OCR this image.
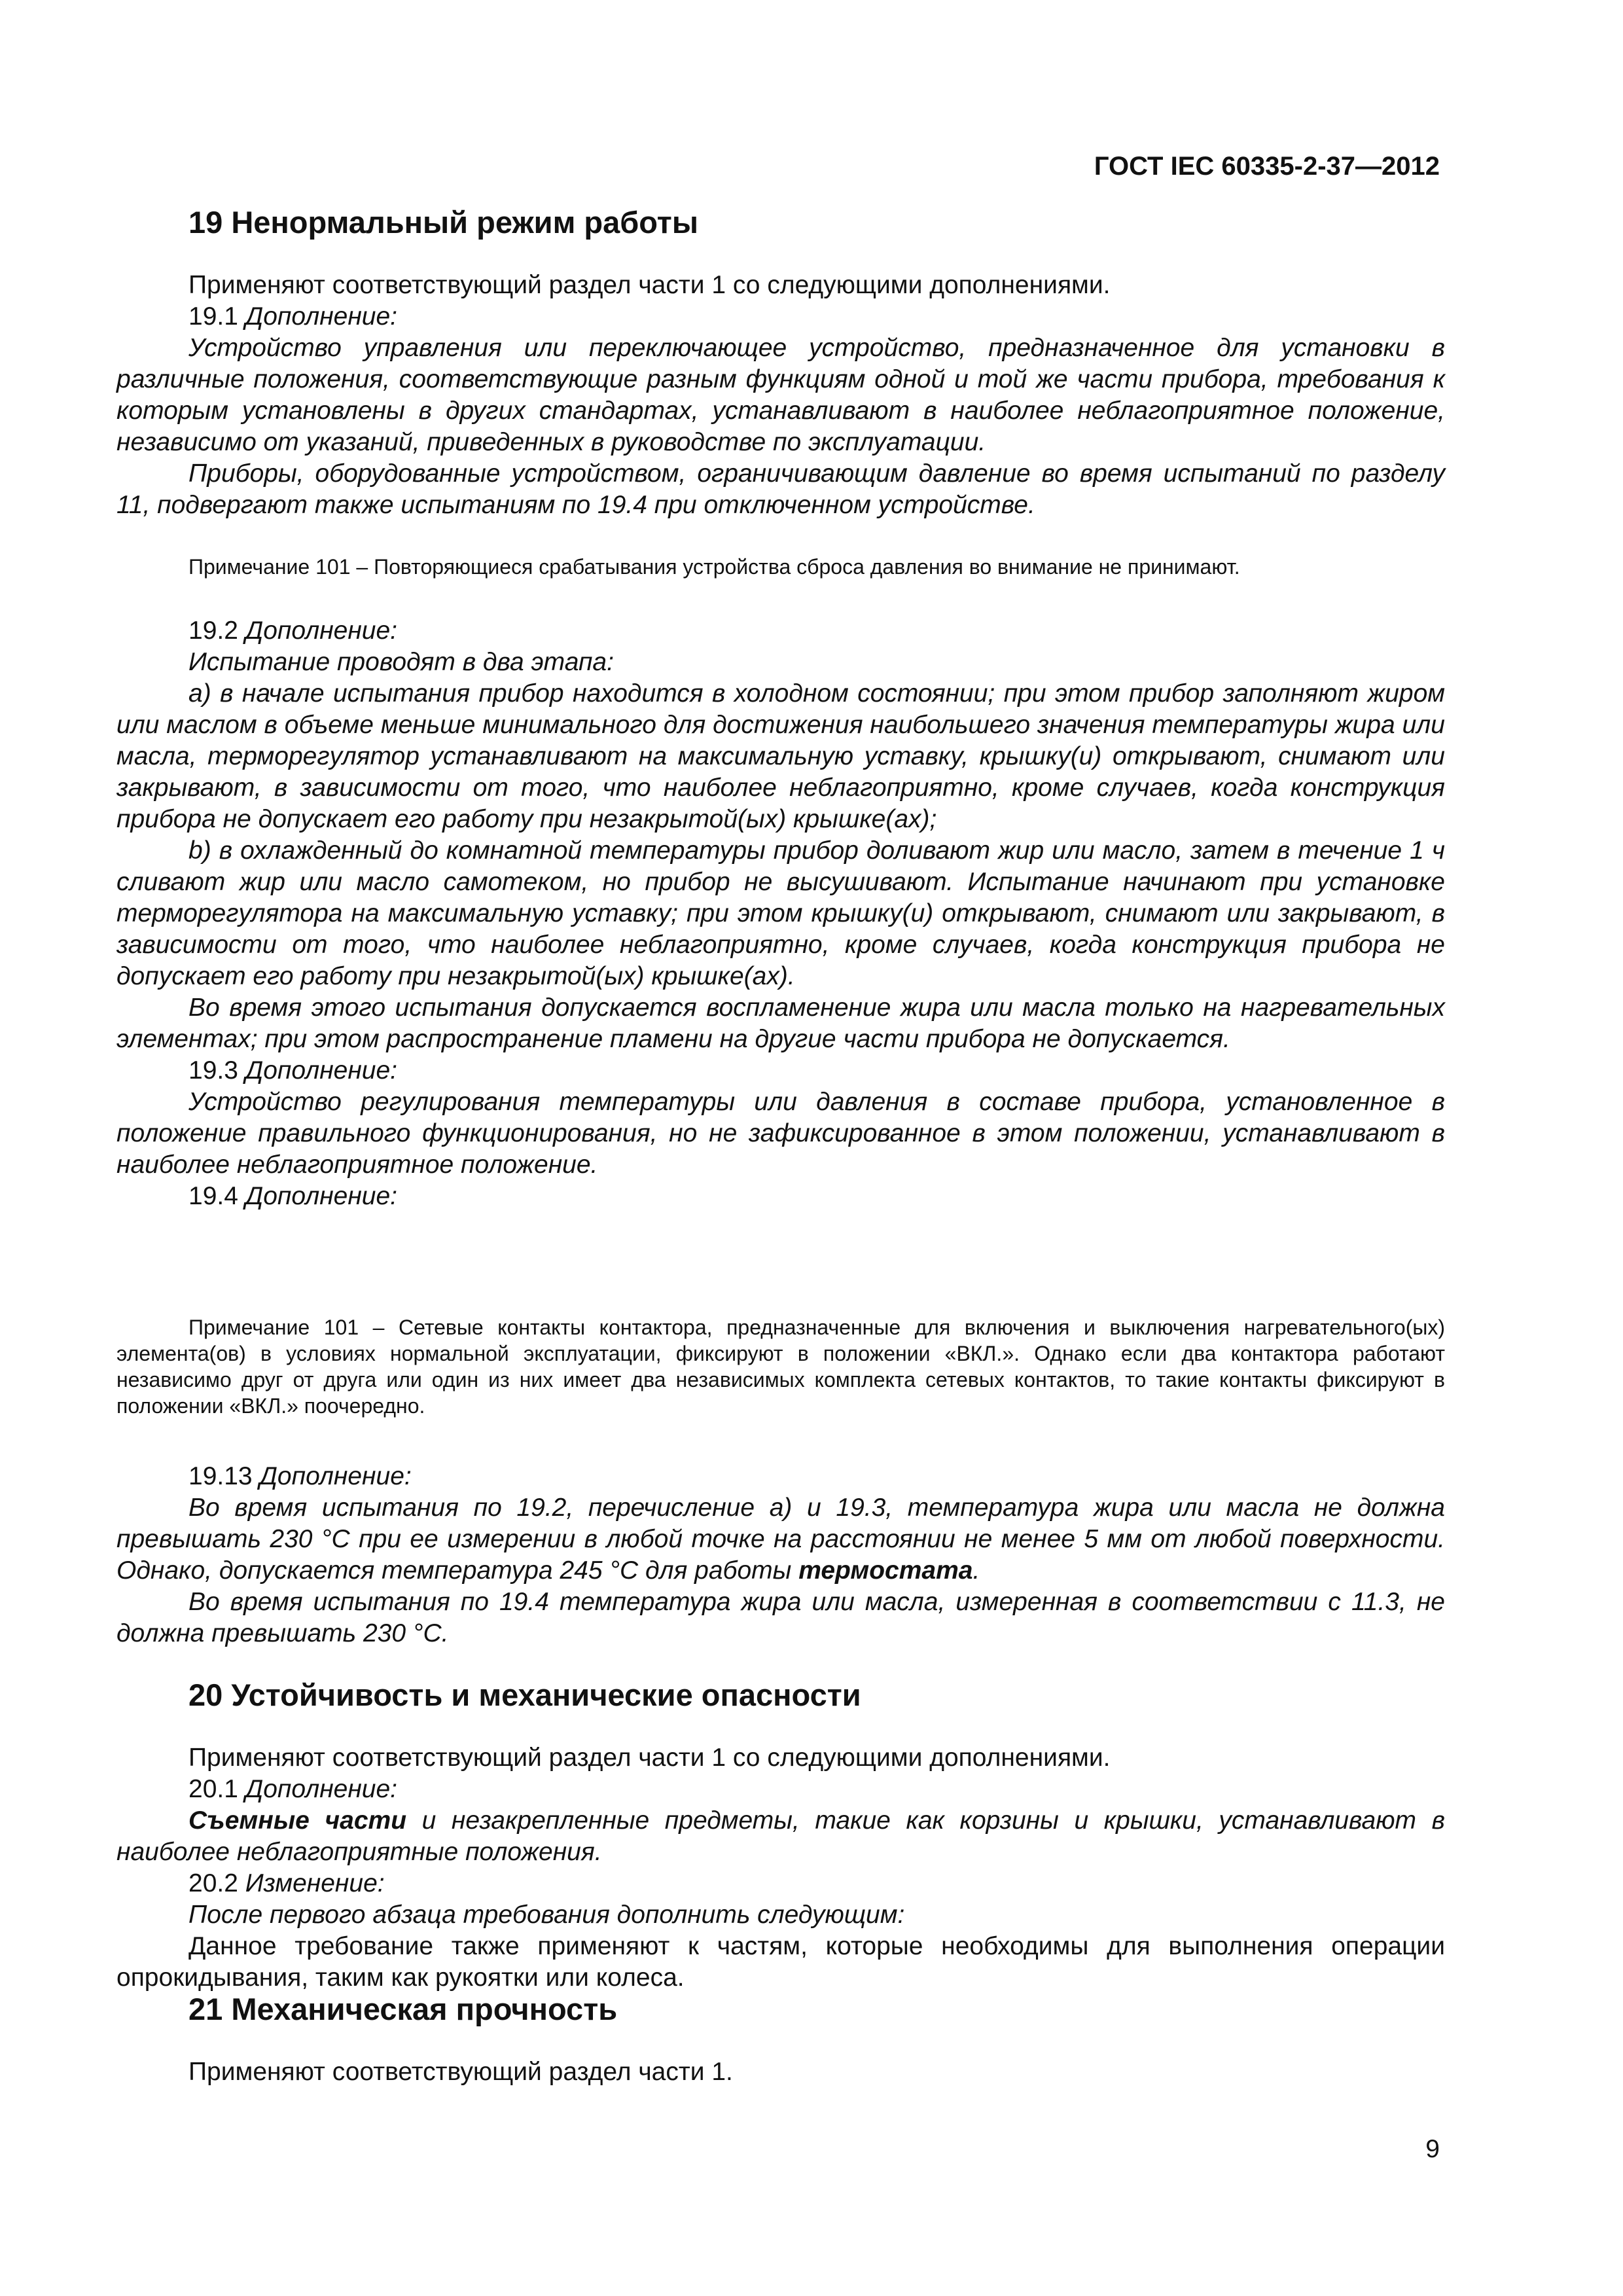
ГОСТ IEC 60335-2-37—2012
19 Ненормальный режим работы

Применяют соответствующий раздел части 1 со следующими дополнениями.

19.1 Дополнение:

Устройство управления или переключающее устройство, предназначенное для установки в различные положения, соответствующие разным функциям одной и той же части прибора, требования к которым установлены в других стандартах, устанавливают в наиболее неблагоприятное положение, независимо от указаний, приведенных в руководстве по эксплуатации.

Приборы, оборудованные устройством, ограничивающим давление во время испытаний по разделу 11, подвергают также испытаниям по 19.4 при отключенном устройстве.

Примечание 101 – Повторяющиеся срабатывания устройства сброса давления во внимание не принимают.

19.2 Дополнение:

Испытание проводят в два этапа:

а) в начале испытания прибор находится в холодном состоянии; при этом прибор заполняют жиром или маслом в объеме меньше минимального для достижения наибольшего значения температуры жира или масла, терморегулятор устанавливают на максимальную уставку, крышку(и) открывают, снимают или закрывают, в зависимости от того, что наиболее неблагоприятно, кроме случаев, когда конструкция прибора не допускает его работу при незакрытой(ых) крышке(ах);

b) в охлажденный до комнатной температуры прибор доливают жир или масло, затем в течение 1 ч сливают жир или масло самотеком, но прибор не высушивают. Испытание начинают при установке терморегулятора на максимальную уставку; при этом крышку(и) открывают, снимают или закрывают, в зависимости от того, что наиболее неблагоприятно, кроме случаев, когда конструкция прибора не допускает его работу при незакрытой(ых) крышке(ах).

Во время этого испытания допускается воспламенение жира или масла только на нагревательных элементах; при этом распространение пламени на другие части прибора не допускается.

19.3 Дополнение:

Устройство регулирования температуры или давления в составе прибора, установленное в положение правильного функционирования, но не зафиксированное в этом положении, устанавливают в наиболее неблагоприятное положение.

19.4 Дополнение:

Примечание 101 – Сетевые контакты контактора, предназначенные для включения и выключения нагревательного(ых) элемента(ов) в условиях нормальной эксплуатации, фиксируют в положении «ВКЛ.». Однако если два контактора работают независимо друг от друга или один из них имеет два независимых комплекта сетевых контактов, то такие контакты фиксируют в положении «ВКЛ.» поочередно.

19.13 Дополнение:

Во время испытания по 19.2, перечисление а) и 19.3, температура жира или масла не должна превышать 230 °С при ее измерении в любой точке на расстоянии не менее 5 мм от любой поверхности. Однако, допускается температура 245 °С для работы термостата.

Во время испытания по 19.4 температура жира или масла, измеренная в соответствии с 11.3, не должна превышать 230 °С.

20 Устойчивость и механические опасности

Применяют соответствующий раздел части 1 со следующими дополнениями.

20.1 Дополнение:

Съемные части и незакрепленные предметы, такие как корзины и крышки, устанавливают в наиболее неблагоприятные положения.

20.2 Изменение:

После первого абзаца требования дополнить следующим:

Данное требование также применяют к частям, которые необходимы для выполнения операции опрокидывания, таким как рукоятки или колеса.

21 Механическая прочность

Применяют соответствующий раздел части 1.

9
